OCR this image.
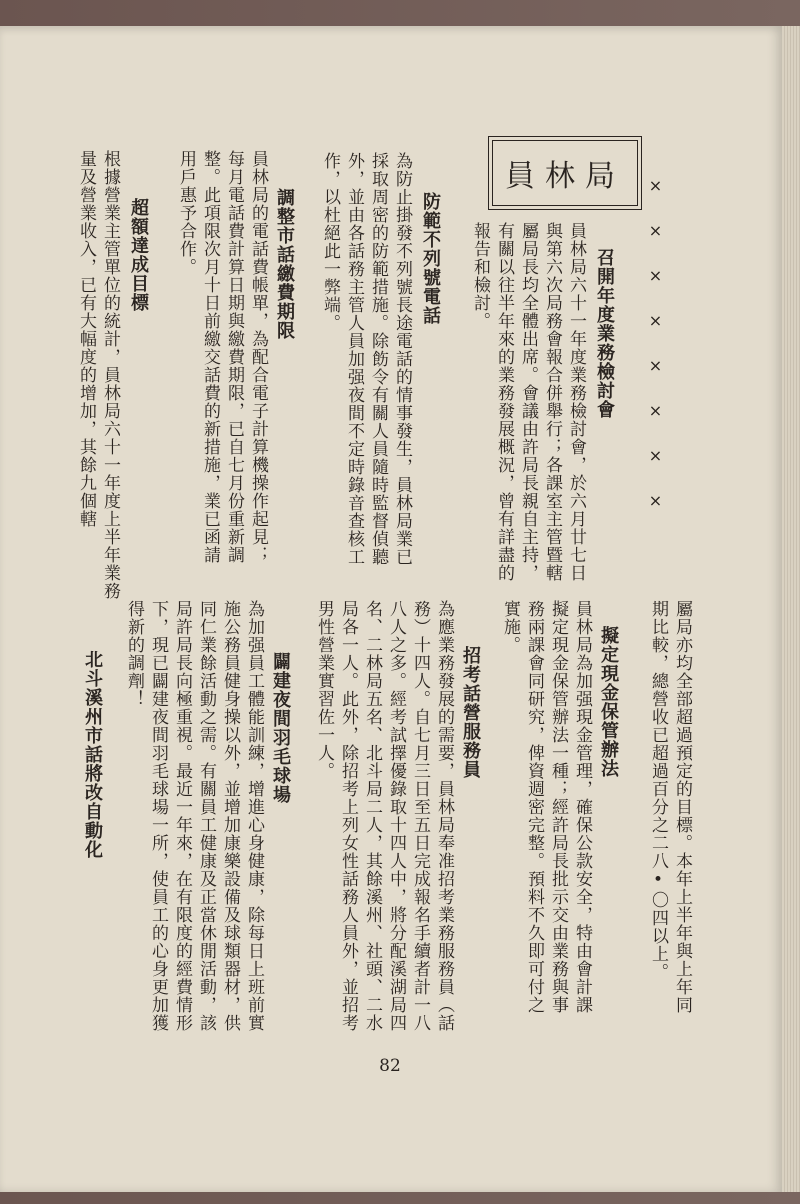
員林局	××××××××
召開年度業務檢討會
員林局六十一年度業務檢討會，於六月廿七日與第六次局務會報合併舉行；各課室主管暨轄屬局長均全體出席。會議由許局長親自主持，有關以往半年來的業務發展概況，曾有詳盡的報告和檢討。
防範不列號電話
為防止掛發不列號長途電話的情事發生，員林局業已採取周密的防範措施。除飭令有關人員隨時監督偵聽外，並由各話務主管人員加强夜間不定時錄音查核工作，以杜絕此一弊端。
調整市話繳費期限
員林局的電話費帳單，為配合電子計算機操作起見；每月電話費計算日期與繳費期限，已自七月份重新調整。此項限次月十日前繳交話費的新措施，業已函請用戶惠予合作。
超額達成目標
根據營業主管單位的統計，員林局六十一年度上半年業務量及營業收入，已有大幅度的增加，其餘九個轄
屬局亦均全部超過預定的目標。本年上半年與上年同期比較，總營收已超過百分之二八•〇四以上。
擬定現金保管辦法
員林局為加强現金管理，確保公款安全，特由會計課擬定現金保管辦法一種；經許局長批示交由業務與事務兩課會同研究，俾資週密完整。預料不久即可付之實施。
招考話營服務員
為應業務發展的需要，員林局奉准招考業務服務員（話務）十四人。自七月三日至五日完成報名手續者計一八八人之多。經考試擇優錄取十四人中，將分配溪湖局四名、二林局五名、北斗局二人，其餘溪州、社頭、二水局各一人。此外，除招考上列女性話務人員外，並招考男性營業實習佐一人。
闢建夜間羽毛球場
為加强員工體能訓練，增進心身健康，除每日上班前實施公務員健身操以外，並增加康樂設備及球類器材，供同仁業餘活動之需。有關員工健康及正當休閒活動，該局許局長向極重視。最近一年來，在有限度的經費情形下，現已闢建夜間羽毛球場一所，使員工的心身更加獲得新的調劑！
北斗溪州市話將改自動化
82
